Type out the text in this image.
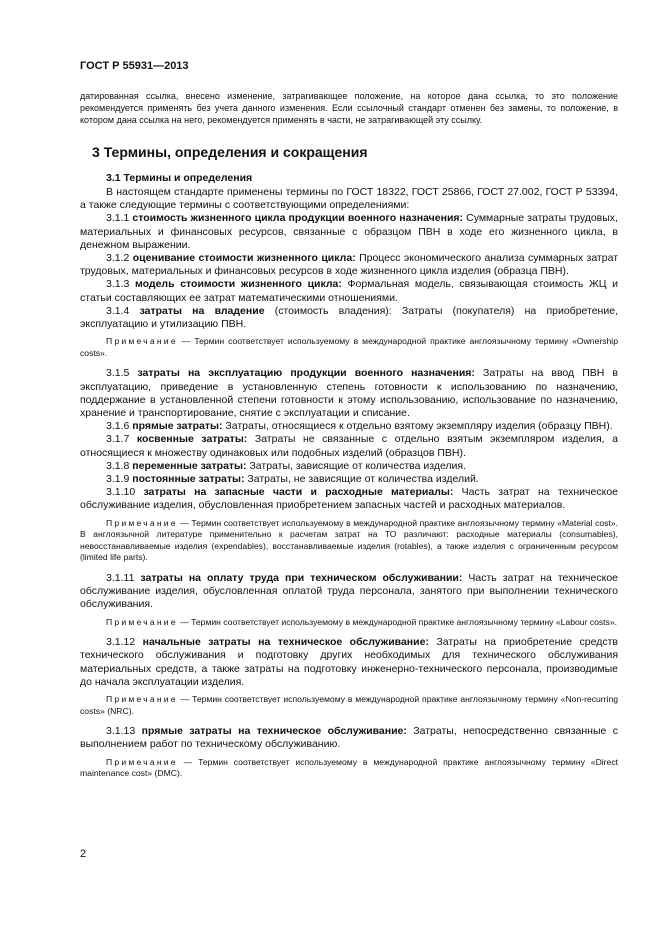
ГОСТ Р 55931—2013

датированная ссылка, внесено изменение, затрагивающее положение, на которое дана ссылка, то это положение рекомендуется применять без учета данного изменения. Если ссылочный стандарт отменен без замены, то положение, в котором дана ссылка на него, рекомендуется применять в части, не затрагивающей эту ссылку.

3 Термины, определения и сокращения
3.1 Термины и определения

В настоящем стандарте применены термины по ГОСТ 18322, ГОСТ 25866, ГОСТ 27.002, ГОСТ Р 53394, а также следующие термины с соответствующими определениями:

3.1.1 стоимость жизненного цикла продукции военного назначения: Суммарные затраты трудовых, материальных и финансовых ресурсов, связанные с образцом ПВН в ходе его жизненного цикла, в денежном выражении.

3.1.2 оценивание стоимости жизненного цикла: Процесс экономического анализа суммарных затрат трудовых, материальных и финансовых ресурсов в ходе жизненного цикла изделия (образца ПВН).

3.1.3 модель стоимости жизненного цикла: Формальная модель, связывающая стоимость ЖЦ и статьи составляющих ее затрат математическими отношениями.

3.1.4 затраты на владение (стоимость владения): Затраты (покупателя) на приобретение, эксплуатацию и утилизацию ПВН.

Примечание — Термин соответствует используемому в международной практике англоязычному термину «Ownership costs».

3.1.5 затраты на эксплуатацию продукции военного назначения: Затраты на ввод ПВН в эксплуатацию, приведение в установленную степень готовности к использованию по назначению, поддержание в установленной степени готовности к этому использованию, использование по назначению, хранение и транспортирование, снятие с эксплуатации и списание.

3.1.6 прямые затраты: Затраты, относящиеся к отдельно взятому экземпляру изделия (образцу ПВН).

3.1.7 косвенные затраты: Затраты не связанные с отдельно взятым экземпляром изделия, а относящиеся к множеству одинаковых или подобных изделий (образцов ПВН).

3.1.8 переменные затраты: Затраты, зависящие от количества изделия.

3.1.9 постоянные затраты: Затраты, не зависящие от количества изделий.

3.1.10 затраты на запасные части и расходные материалы: Часть затрат на техническое обслуживание изделия, обусловленная приобретением запасных частей и расходных материалов.

Примечание — Термин соответствует используемому в международной практике англоязычному термину «Material cost». В англоязычной литературе применительно к расчетам затрат на ТО различают: расходные материалы (consumables), невосстанавливаемые изделия (expendables), восстанавливаемые изделия (rotables), а также изделия с ограниченным ресурсом (limited life parts).

3.1.11 затраты на оплату труда при техническом обслуживании: Часть затрат на техническое обслуживание изделия, обусловленная оплатой труда персонала, занятого при выполнении технического обслуживания.

Примечание — Термин соответствует используемому в международной практике англоязычному термину «Labour costs».

3.1.12 начальные затраты на техническое обслуживание: Затраты на приобретение средств технического обслуживания и подготовку других необходимых для технического обслуживания материальных средств, а также затраты на подготовку инженерно-технического персонала, производимые до начала эксплуатации изделия.

Примечание — Термин соответствует используемому в международной практике англоязычному термину «Non-recurring costs» (NRC).

3.1.13 прямые затраты на техническое обслуживание: Затраты, непосредственно связанные с выполнением работ по техническому обслуживанию.

Примечание — Термин соответствует используемому в международной практике англоязычному термину «Direct maintenance cost» (DMC).

2
